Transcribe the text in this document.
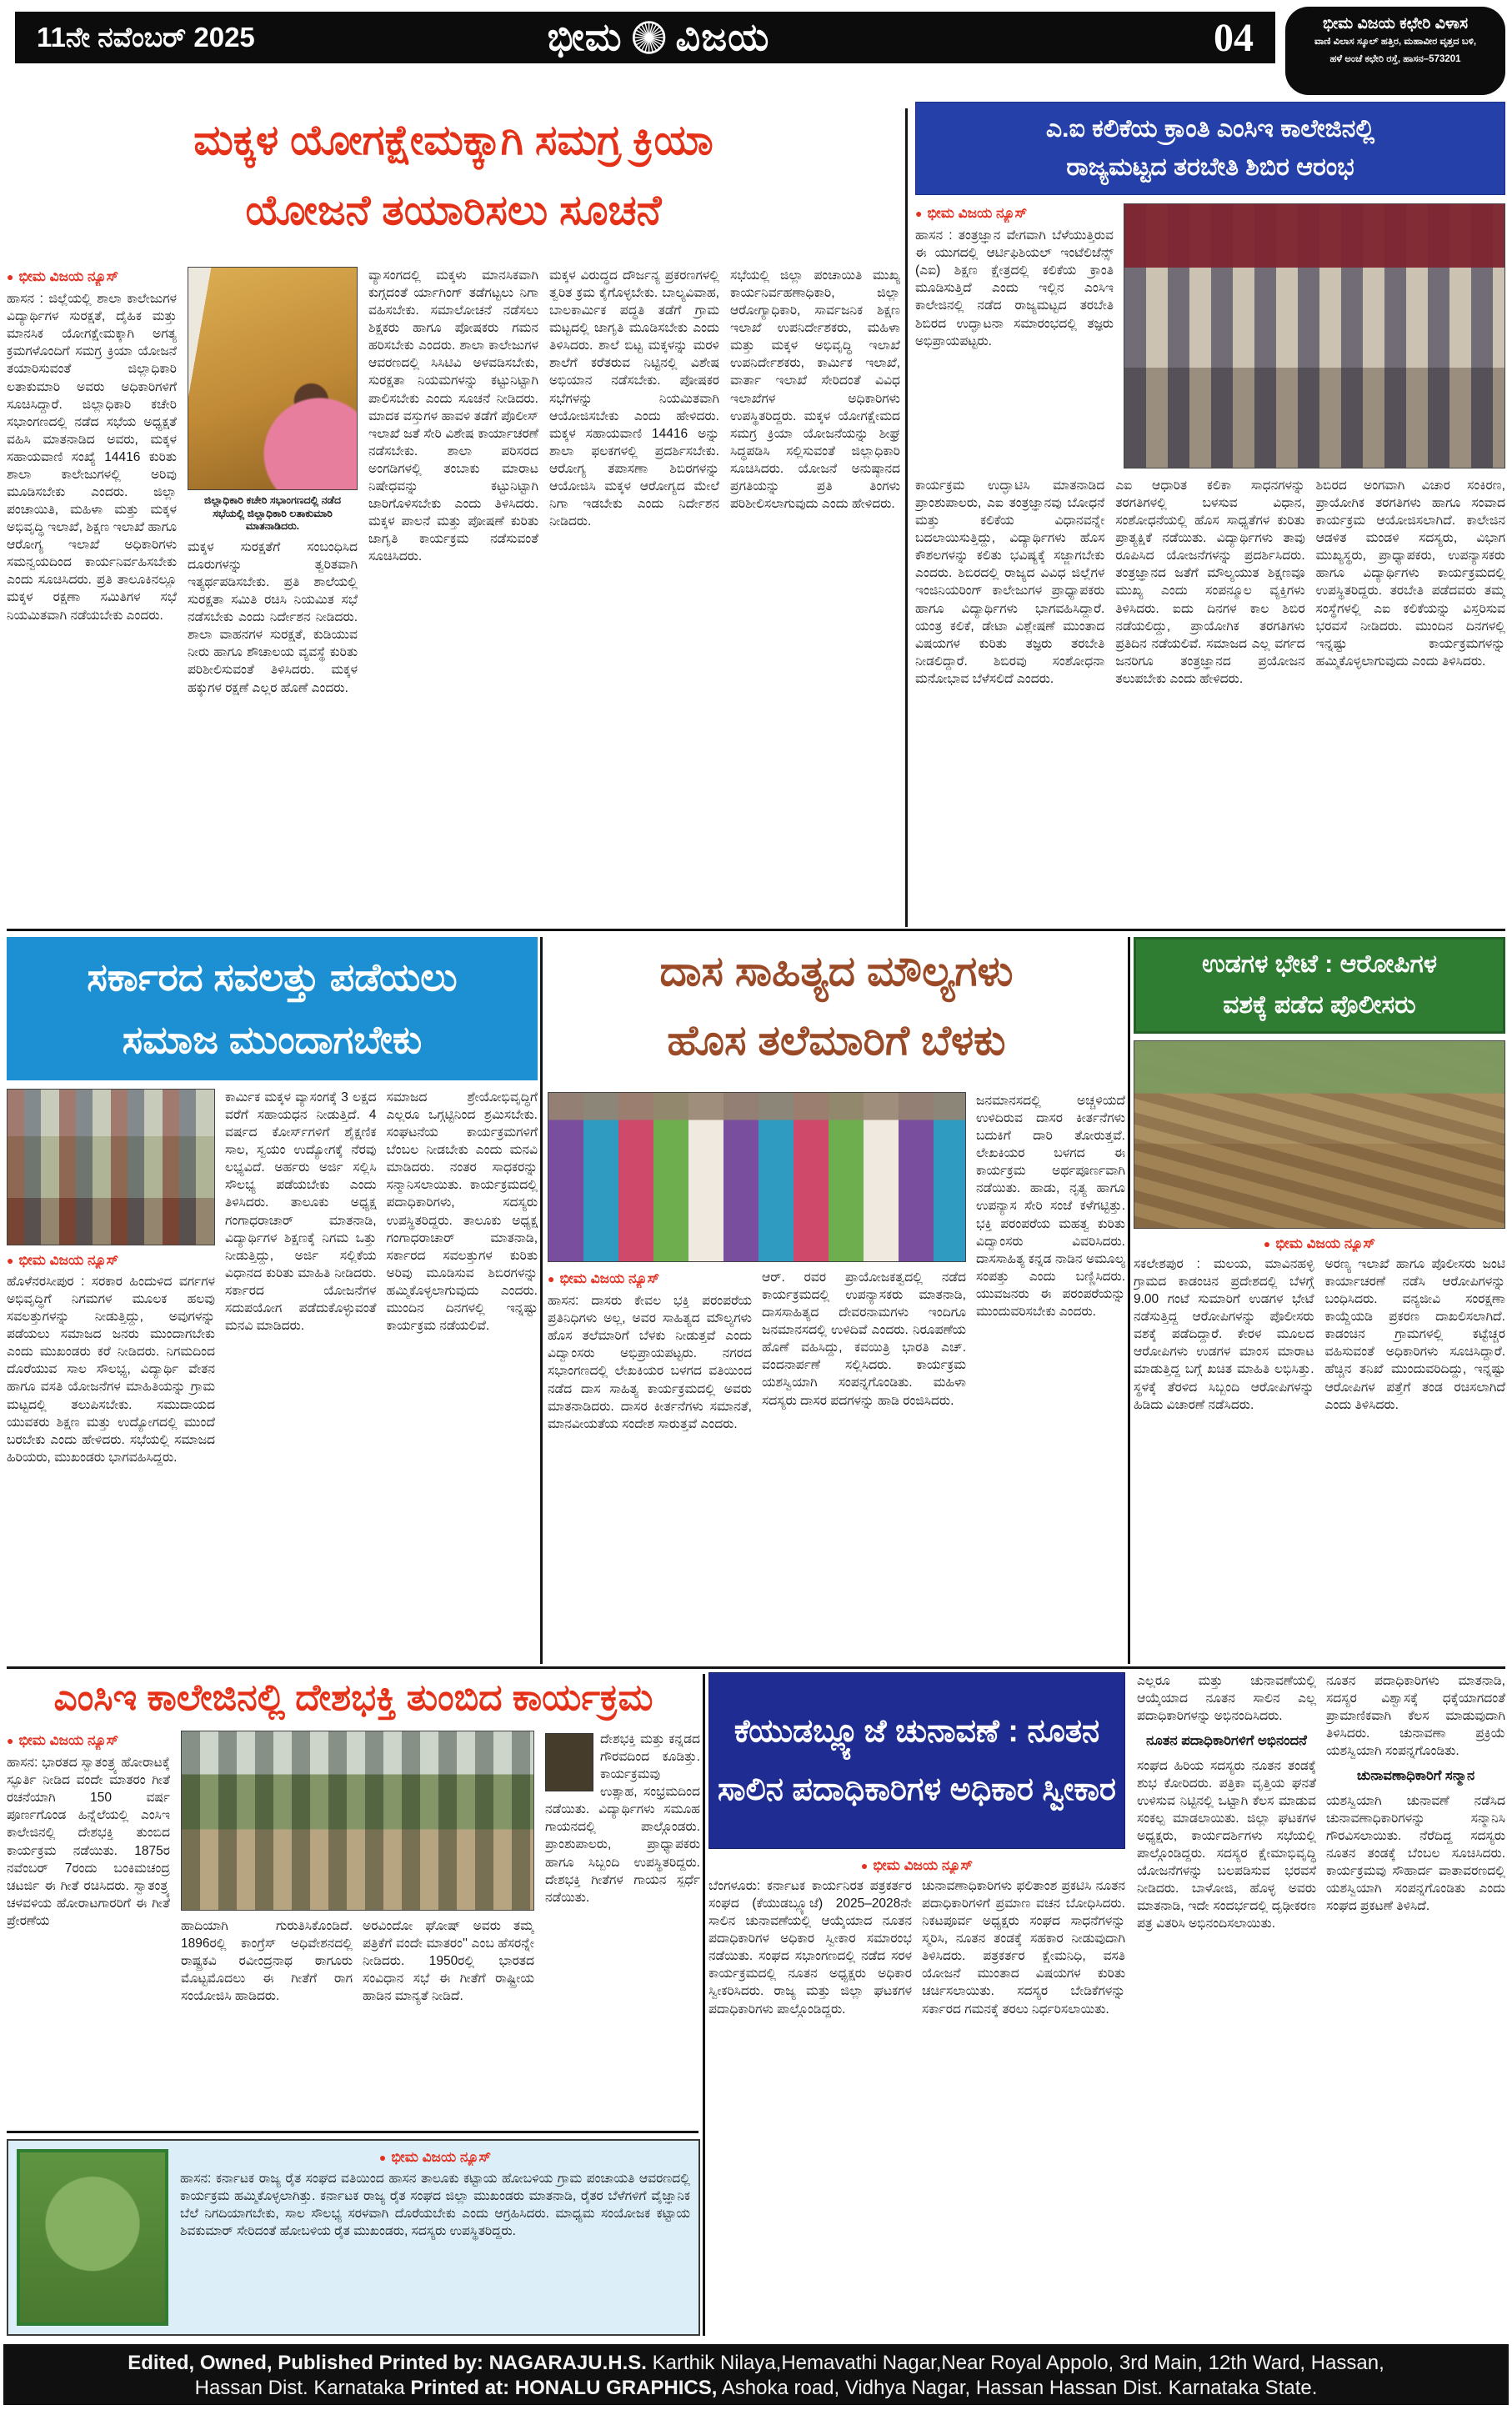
11ನೇ ನವೆಂಬರ್ 2025	ಭೀಮ ವಿಜಯ	04	ಭೀಮ ವಿಜಯ ಕಛೇರಿ ವಿಳಾಸ
ವಾಣಿ ವಿಲಾಸ ಸ್ಕೂಲ್ ಹತ್ತಿರ, ಮಹಾವೀರ ವೃತ್ತದ ಬಳಿ,
ಹಳೆ ಅಂಚೆ ಕಛೇರಿ ರಸ್ತೆ, ಹಾಸನ–573201
ಮಕ್ಕಳ ಯೋಗಕ್ಷೇಮಕ್ಕಾಗಿ ಸಮಗ್ರ ಕ್ರಿಯಾ
ಯೋಜನೆ ತಯಾರಿಸಲು ಸೂಚನೆ
● ಭೀಮ ವಿಜಯ ನ್ಯೂಸ್
ಹಾಸನ : ಜಿಲ್ಲೆಯಲ್ಲಿ ಶಾಲಾ ಕಾಲೇಜುಗಳ ವಿದ್ಯಾರ್ಥಿಗಳ ಸುರಕ್ಷತೆ, ದೈಹಿಕ ಮತ್ತು ಮಾನಸಿಕ ಯೋಗಕ್ಷೇಮಕ್ಕಾಗಿ ಅಗತ್ಯ ಕ್ರಮಗಳೊಂದಿಗೆ ಸಮಗ್ರ ಕ್ರಿಯಾ ಯೋಜನೆ ತಯಾರಿಸುವಂತೆ ಜಿಲ್ಲಾಧಿಕಾರಿ ಲತಾಕುಮಾರಿ ಅವರು ಅಧಿಕಾರಿಗಳಿಗೆ ಸೂಚಿಸಿದ್ದಾರೆ. ಜಿಲ್ಲಾಧಿಕಾರಿ ಕಚೇರಿ ಸಭಾಂಗಣದಲ್ಲಿ ನಡೆದ ಸಭೆಯ ಅಧ್ಯಕ್ಷತೆ ವಹಿಸಿ ಮಾತನಾಡಿದ ಅವರು, ಮಕ್ಕಳ ಸಹಾಯವಾಣಿ ಸಂಖ್ಯೆ 14416 ಕುರಿತು ಶಾಲಾ ಕಾಲೇಜುಗಳಲ್ಲಿ ಅರಿವು ಮೂಡಿಸಬೇಕು ಎಂದರು. ಜಿಲ್ಲಾ ಪಂಚಾಯಿತಿ, ಮಹಿಳಾ ಮತ್ತು ಮಕ್ಕಳ ಅಭಿವೃದ್ಧಿ ಇಲಾಖೆ, ಶಿಕ್ಷಣ ಇಲಾಖೆ ಹಾಗೂ ಆರೋಗ್ಯ ಇಲಾಖೆ ಅಧಿಕಾರಿಗಳು ಸಮನ್ವಯದಿಂದ ಕಾರ್ಯನಿರ್ವಹಿಸಬೇಕು ಎಂದು ಸೂಚಿಸಿದರು. ಪ್ರತಿ ತಾಲೂಕಿನಲ್ಲೂ ಮಕ್ಕಳ ರಕ್ಷಣಾ ಸಮಿತಿಗಳ ಸಭೆ ನಿಯಮಿತವಾಗಿ ನಡೆಯಬೇಕು ಎಂದರು.
ಜಿಲ್ಲಾಧಿಕಾರಿ ಕಚೇರಿ ಸಭಾಂಗಣದಲ್ಲಿ ನಡೆದ ಸಭೆಯಲ್ಲಿ ಜಿಲ್ಲಾಧಿಕಾರಿ ಲತಾಕುಮಾರಿ ಮಾತನಾಡಿದರು.
ಮಕ್ಕಳ ಸುರಕ್ಷತೆಗೆ ಸಂಬಂಧಿಸಿದ ದೂರುಗಳನ್ನು ತ್ವರಿತವಾಗಿ ಇತ್ಯರ್ಥಪಡಿಸಬೇಕು. ಪ್ರತಿ ಶಾಲೆಯಲ್ಲಿ ಸುರಕ್ಷತಾ ಸಮಿತಿ ರಚಿಸಿ ನಿಯಮಿತ ಸಭೆ ನಡೆಸಬೇಕು ಎಂದು ನಿರ್ದೇಶನ ನೀಡಿದರು. ಶಾಲಾ ವಾಹನಗಳ ಸುರಕ್ಷತೆ, ಕುಡಿಯುವ ನೀರು ಹಾಗೂ ಶೌಚಾಲಯ ವ್ಯವಸ್ಥೆ ಕುರಿತು ಪರಿಶೀಲಿಸುವಂತೆ ತಿಳಿಸಿದರು. ಮಕ್ಕಳ ಹಕ್ಕುಗಳ ರಕ್ಷಣೆ ಎಲ್ಲರ ಹೊಣೆ ಎಂದರು.
ವ್ಯಾಸಂಗದಲ್ಲಿ ಮಕ್ಕಳು ಮಾನಸಿಕವಾಗಿ ಕುಗ್ಗದಂತೆ ರ್ಯಾಗಿಂಗ್ ತಡೆಗಟ್ಟಲು ನಿಗಾ ವಹಿಸಬೇಕು. ಸಮಾಲೋಚನೆ ನಡೆಸಲು ಶಿಕ್ಷಕರು ಹಾಗೂ ಪೋಷಕರು ಗಮನ ಹರಿಸಬೇಕು ಎಂದರು. ಶಾಲಾ ಕಾಲೇಜುಗಳ ಆವರಣದಲ್ಲಿ ಸಿಸಿಟಿವಿ ಅಳವಡಿಸಬೇಕು, ಸುರಕ್ಷತಾ ನಿಯಮಗಳನ್ನು ಕಟ್ಟುನಿಟ್ಟಾಗಿ ಪಾಲಿಸಬೇಕು ಎಂದು ಸೂಚನೆ ನೀಡಿದರು. ಮಾದಕ ವಸ್ತುಗಳ ಹಾವಳಿ ತಡೆಗೆ ಪೊಲೀಸ್ ಇಲಾಖೆ ಜತೆ ಸೇರಿ ವಿಶೇಷ ಕಾರ್ಯಾಚರಣೆ ನಡೆಸಬೇಕು. ಶಾಲಾ ಪರಿಸರದ ಅಂಗಡಿಗಳಲ್ಲಿ ತಂಬಾಕು ಮಾರಾಟ ನಿಷೇಧವನ್ನು ಕಟ್ಟುನಿಟ್ಟಾಗಿ ಜಾರಿಗೊಳಿಸಬೇಕು ಎಂದು ತಿಳಿಸಿದರು. ಮಕ್ಕಳ ಪಾಲನೆ ಮತ್ತು ಪೋಷಣೆ ಕುರಿತು ಜಾಗೃತಿ ಕಾರ್ಯಕ್ರಮ ನಡೆಸುವಂತೆ ಸೂಚಿಸಿದರು.
ಮಕ್ಕಳ ವಿರುದ್ಧದ ದೌರ್ಜನ್ಯ ಪ್ರಕರಣಗಳಲ್ಲಿ ತ್ವರಿತ ಕ್ರಮ ಕೈಗೊಳ್ಳಬೇಕು. ಬಾಲ್ಯವಿವಾಹ, ಬಾಲಕಾರ್ಮಿಕ ಪದ್ಧತಿ ತಡೆಗೆ ಗ್ರಾಮ ಮಟ್ಟದಲ್ಲಿ ಜಾಗೃತಿ ಮೂಡಿಸಬೇಕು ಎಂದು ತಿಳಿಸಿದರು. ಶಾಲೆ ಬಿಟ್ಟ ಮಕ್ಕಳನ್ನು ಮರಳಿ ಶಾಲೆಗೆ ಕರೆತರುವ ನಿಟ್ಟಿನಲ್ಲಿ ವಿಶೇಷ ಅಭಿಯಾನ ನಡೆಸಬೇಕು. ಪೋಷಕರ ಸಭೆಗಳನ್ನು ನಿಯಮಿತವಾಗಿ ಆಯೋಜಿಸಬೇಕು ಎಂದು ಹೇಳಿದರು. ಮಕ್ಕಳ ಸಹಾಯವಾಣಿ 14416 ಅನ್ನು ಶಾಲಾ ಫಲಕಗಳಲ್ಲಿ ಪ್ರದರ್ಶಿಸಬೇಕು. ಆರೋಗ್ಯ ತಪಾಸಣಾ ಶಿಬಿರಗಳನ್ನು ಆಯೋಜಿಸಿ ಮಕ್ಕಳ ಆರೋಗ್ಯದ ಮೇಲೆ ನಿಗಾ ಇಡಬೇಕು ಎಂದು ನಿರ್ದೇಶನ ನೀಡಿದರು.
ಸಭೆಯಲ್ಲಿ ಜಿಲ್ಲಾ ಪಂಚಾಯಿತಿ ಮುಖ್ಯ ಕಾರ್ಯನಿರ್ವಹಣಾಧಿಕಾರಿ, ಜಿಲ್ಲಾ ಆರೋಗ್ಯಾಧಿಕಾರಿ, ಸಾರ್ವಜನಿಕ ಶಿಕ್ಷಣ ಇಲಾಖೆ ಉಪನಿರ್ದೇಶಕರು, ಮಹಿಳಾ ಮತ್ತು ಮಕ್ಕಳ ಅಭಿವೃದ್ಧಿ ಇಲಾಖೆ ಉಪನಿರ್ದೇಶಕರು, ಕಾರ್ಮಿಕ ಇಲಾಖೆ, ವಾರ್ತಾ ಇಲಾಖೆ ಸೇರಿದಂತೆ ವಿವಿಧ ಇಲಾಖೆಗಳ ಅಧಿಕಾರಿಗಳು ಉಪಸ್ಥಿತರಿದ್ದರು. ಮಕ್ಕಳ ಯೋಗಕ್ಷೇಮದ ಸಮಗ್ರ ಕ್ರಿಯಾ ಯೋಜನೆಯನ್ನು ಶೀಘ್ರ ಸಿದ್ಧಪಡಿಸಿ ಸಲ್ಲಿಸುವಂತೆ ಜಿಲ್ಲಾಧಿಕಾರಿ ಸೂಚಿಸಿದರು. ಯೋಜನೆ ಅನುಷ್ಠಾನದ ಪ್ರಗತಿಯನ್ನು ಪ್ರತಿ ತಿಂಗಳು ಪರಿಶೀಲಿಸಲಾಗುವುದು ಎಂದು ಹೇಳಿದರು.
ಎ.ಐ ಕಲಿಕೆಯ ಕ್ರಾಂತಿ ಎಂಸಿಇ ಕಾಲೇಜಿನಲ್ಲಿ
ರಾಜ್ಯಮಟ್ಟದ ತರಬೇತಿ ಶಿಬಿರ ಆರಂಭ
● ಭೀಮ ವಿಜಯ ನ್ಯೂಸ್
ಹಾಸನ : ತಂತ್ರಜ್ಞಾನ ವೇಗವಾಗಿ ಬೆಳೆಯುತ್ತಿರುವ ಈ ಯುಗದಲ್ಲಿ ಆರ್ಟಿಫಿಶಿಯಲ್ ಇಂಟೆಲಿಜೆನ್ಸ್ (ಎಐ) ಶಿಕ್ಷಣ ಕ್ಷೇತ್ರದಲ್ಲಿ ಕಲಿಕೆಯ ಕ್ರಾಂತಿ ಮೂಡಿಸುತ್ತಿದೆ ಎಂದು ಇಲ್ಲಿನ ಎಂಸಿಇ ಕಾಲೇಜಿನಲ್ಲಿ ನಡೆದ ರಾಜ್ಯಮಟ್ಟದ ತರಬೇತಿ ಶಿಬಿರದ ಉದ್ಘಾಟನಾ ಸಮಾರಂಭದಲ್ಲಿ ತಜ್ಞರು ಅಭಿಪ್ರಾಯಪಟ್ಟರು.
ಕಾರ್ಯಕ್ರಮ ಉದ್ಘಾಟಿಸಿ ಮಾತನಾಡಿದ ಪ್ರಾಂಶುಪಾಲರು, ಎಐ ತಂತ್ರಜ್ಞಾನವು ಬೋಧನೆ ಮತ್ತು ಕಲಿಕೆಯ ವಿಧಾನವನ್ನೇ ಬದಲಾಯಿಸುತ್ತಿದ್ದು, ವಿದ್ಯಾರ್ಥಿಗಳು ಹೊಸ ಕೌಶಲಗಳನ್ನು ಕಲಿತು ಭವಿಷ್ಯಕ್ಕೆ ಸಜ್ಜಾಗಬೇಕು ಎಂದರು. ಶಿಬಿರದಲ್ಲಿ ರಾಜ್ಯದ ವಿವಿಧ ಜಿಲ್ಲೆಗಳ ಇಂಜಿನಿಯರಿಂಗ್ ಕಾಲೇಜುಗಳ ಪ್ರಾಧ್ಯಾಪಕರು ಹಾಗೂ ವಿದ್ಯಾರ್ಥಿಗಳು ಭಾಗವಹಿಸಿದ್ದಾರೆ. ಯಂತ್ರ ಕಲಿಕೆ, ಡೇಟಾ ವಿಶ್ಲೇಷಣೆ ಮುಂತಾದ ವಿಷಯಗಳ ಕುರಿತು ತಜ್ಞರು ತರಬೇತಿ ನೀಡಲಿದ್ದಾರೆ. ಶಿಬಿರವು ಸಂಶೋಧನಾ ಮನೋಭಾವ ಬೆಳೆಸಲಿದೆ ಎಂದರು.
ಎಐ ಆಧಾರಿತ ಕಲಿಕಾ ಸಾಧನಗಳನ್ನು ತರಗತಿಗಳಲ್ಲಿ ಬಳಸುವ ವಿಧಾನ, ಸಂಶೋಧನೆಯಲ್ಲಿ ಹೊಸ ಸಾಧ್ಯತೆಗಳ ಕುರಿತು ಪ್ರಾತ್ಯಕ್ಷಿಕೆ ನಡೆಯಿತು. ವಿದ್ಯಾರ್ಥಿಗಳು ತಾವು ರೂಪಿಸಿದ ಯೋಜನೆಗಳನ್ನು ಪ್ರದರ್ಶಿಸಿದರು. ತಂತ್ರಜ್ಞಾನದ ಜತೆಗೆ ಮೌಲ್ಯಯುತ ಶಿಕ್ಷಣವೂ ಮುಖ್ಯ ಎಂದು ಸಂಪನ್ಮೂಲ ವ್ಯಕ್ತಿಗಳು ತಿಳಿಸಿದರು. ಐದು ದಿನಗಳ ಕಾಲ ಶಿಬಿರ ನಡೆಯಲಿದ್ದು, ಪ್ರಾಯೋಗಿಕ ತರಗತಿಗಳು ಪ್ರತಿದಿನ ನಡೆಯಲಿವೆ. ಸಮಾಜದ ಎಲ್ಲ ವರ್ಗದ ಜನರಿಗೂ ತಂತ್ರಜ್ಞಾನದ ಪ್ರಯೋಜನ ತಲುಪಬೇಕು ಎಂದು ಹೇಳಿದರು.
ಶಿಬಿರದ ಅಂಗವಾಗಿ ವಿಚಾರ ಸಂಕಿರಣ, ಪ್ರಾಯೋಗಿಕ ತರಗತಿಗಳು ಹಾಗೂ ಸಂವಾದ ಕಾರ್ಯಕ್ರಮ ಆಯೋಜಿಸಲಾಗಿದೆ. ಕಾಲೇಜಿನ ಆಡಳಿತ ಮಂಡಳಿ ಸದಸ್ಯರು, ವಿಭಾಗ ಮುಖ್ಯಸ್ಥರು, ಪ್ರಾಧ್ಯಾಪಕರು, ಉಪನ್ಯಾಸಕರು ಹಾಗೂ ವಿದ್ಯಾರ್ಥಿಗಳು ಕಾರ್ಯಕ್ರಮದಲ್ಲಿ ಉಪಸ್ಥಿತರಿದ್ದರು. ತರಬೇತಿ ಪಡೆದವರು ತಮ್ಮ ಸಂಸ್ಥೆಗಳಲ್ಲಿ ಎಐ ಕಲಿಕೆಯನ್ನು ವಿಸ್ತರಿಸುವ ಭರವಸೆ ನೀಡಿದರು. ಮುಂದಿನ ದಿನಗಳಲ್ಲಿ ಇನ್ನಷ್ಟು ಕಾರ್ಯಕ್ರಮಗಳನ್ನು ಹಮ್ಮಿಕೊಳ್ಳಲಾಗುವುದು ಎಂದು ತಿಳಿಸಿದರು.
ಸರ್ಕಾರದ ಸವಲತ್ತು ಪಡೆಯಲು
ಸಮಾಜ ಮುಂದಾಗಬೇಕು
● ಭೀಮ ವಿಜಯ ನ್ಯೂಸ್
ಹೊಳೆನರಸೀಪುರ : ಸರಕಾರ ಹಿಂದುಳಿದ ವರ್ಗಗಳ ಅಭಿವೃದ್ಧಿಗೆ ನಿಗಮಗಳ ಮೂಲಕ ಹಲವು ಸವಲತ್ತುಗಳನ್ನು ನೀಡುತ್ತಿದ್ದು, ಅವುಗಳನ್ನು ಪಡೆಯಲು ಸಮಾಜದ ಜನರು ಮುಂದಾಗಬೇಕು ಎಂದು ಮುಖಂಡರು ಕರೆ ನೀಡಿದರು. ನಿಗಮದಿಂದ ದೊರೆಯುವ ಸಾಲ ಸೌಲಭ್ಯ, ವಿದ್ಯಾರ್ಥಿ ವೇತನ ಹಾಗೂ ವಸತಿ ಯೋಜನೆಗಳ ಮಾಹಿತಿಯನ್ನು ಗ್ರಾಮ ಮಟ್ಟದಲ್ಲಿ ತಲುಪಿಸಬೇಕು. ಸಮುದಾಯದ ಯುವಕರು ಶಿಕ್ಷಣ ಮತ್ತು ಉದ್ಯೋಗದಲ್ಲಿ ಮುಂದೆ ಬರಬೇಕು ಎಂದು ಹೇಳಿದರು. ಸಭೆಯಲ್ಲಿ ಸಮಾಜದ ಹಿರಿಯರು, ಮುಖಂಡರು ಭಾಗವಹಿಸಿದ್ದರು.
ಕಾರ್ಮಿಕ ಮಕ್ಕಳ ವ್ಯಾಸಂಗಕ್ಕೆ 3 ಲಕ್ಷದ ವರೆಗೆ ಸಹಾಯಧನ ನೀಡುತ್ತಿದೆ. 4 ವರ್ಷದ ಕೋರ್ಸ್‌ಗಳಿಗೆ ಶೈಕ್ಷಣಿಕ ಸಾಲ, ಸ್ವಯಂ ಉದ್ಯೋಗಕ್ಕೆ ನೆರವು ಲಭ್ಯವಿದೆ. ಅರ್ಹರು ಅರ್ಜಿ ಸಲ್ಲಿಸಿ ಸೌಲಭ್ಯ ಪಡೆಯಬೇಕು ಎಂದು ತಿಳಿಸಿದರು. ತಾಲೂಕು ಅಧ್ಯಕ್ಷ ಗಂಗಾಧರಾಚಾರ್ ಮಾತನಾಡಿ, ವಿದ್ಯಾರ್ಥಿಗಳ ಶಿಕ್ಷಣಕ್ಕೆ ನಿಗಮ ಒತ್ತು ನೀಡುತ್ತಿದ್ದು, ಅರ್ಜಿ ಸಲ್ಲಿಕೆಯ ವಿಧಾನದ ಕುರಿತು ಮಾಹಿತಿ ನೀಡಿದರು. ಸರ್ಕಾರದ ಯೋಜನೆಗಳ ಸದುಪಯೋಗ ಪಡೆದುಕೊಳ್ಳುವಂತೆ ಮನವಿ ಮಾಡಿದರು.
ಸಮಾಜದ ಶ್ರೇಯೋಭಿವೃದ್ಧಿಗೆ ಎಲ್ಲರೂ ಒಗ್ಗಟ್ಟಿನಿಂದ ಶ್ರಮಿಸಬೇಕು. ಸಂಘಟನೆಯ ಕಾರ್ಯಕ್ರಮಗಳಿಗೆ ಬೆಂಬಲ ನೀಡಬೇಕು ಎಂದು ಮನವಿ ಮಾಡಿದರು. ನಂತರ ಸಾಧಕರನ್ನು ಸನ್ಮಾನಿಸಲಾಯಿತು. ಕಾರ್ಯಕ್ರಮದಲ್ಲಿ ಪದಾಧಿಕಾರಿಗಳು, ಸದಸ್ಯರು ಉಪಸ್ಥಿತರಿದ್ದರು. ತಾಲೂಕು ಅಧ್ಯಕ್ಷ ಗಂಗಾಧರಾಚಾರ್ ಮಾತನಾಡಿ, ಸರ್ಕಾರದ ಸವಲತ್ತುಗಳ ಕುರಿತು ಅರಿವು ಮೂಡಿಸುವ ಶಿಬಿರಗಳನ್ನು ಹಮ್ಮಿಕೊಳ್ಳಲಾಗುವುದು ಎಂದರು. ಮುಂದಿನ ದಿನಗಳಲ್ಲಿ ಇನ್ನಷ್ಟು ಕಾರ್ಯಕ್ರಮ ನಡೆಯಲಿವೆ.
ದಾಸ ಸಾಹಿತ್ಯದ ಮೌಲ್ಯಗಳು
ಹೊಸ ತಲೆಮಾರಿಗೆ ಬೆಳಕು
● ಭೀಮ ವಿಜಯ ನ್ಯೂಸ್
ಹಾಸನ: ದಾಸರು ಕೇವಲ ಭಕ್ತಿ ಪರಂಪರೆಯ ಪ್ರತಿನಿಧಿಗಳು ಅಲ್ಲ, ಅವರ ಸಾಹಿತ್ಯದ ಮೌಲ್ಯಗಳು ಹೊಸ ತಲೆಮಾರಿಗೆ ಬೆಳಕು ನೀಡುತ್ತವೆ ಎಂದು ವಿದ್ವಾಂಸರು ಅಭಿಪ್ರಾಯಪಟ್ಟರು. ನಗರದ ಸಭಾಂಗಣದಲ್ಲಿ ಲೇಖಕಿಯರ ಬಳಗದ ವತಿಯಿಂದ ನಡೆದ ದಾಸ ಸಾಹಿತ್ಯ ಕಾರ್ಯಕ್ರಮದಲ್ಲಿ ಅವರು ಮಾತನಾಡಿದರು. ದಾಸರ ಕೀರ್ತನೆಗಳು ಸಮಾನತೆ, ಮಾನವೀಯತೆಯ ಸಂದೇಶ ಸಾರುತ್ತವೆ ಎಂದರು.
ಆರ್. ರವರ ಪ್ರಾಯೋಜಕತ್ವದಲ್ಲಿ ನಡೆದ ಕಾರ್ಯಕ್ರಮದಲ್ಲಿ ಉಪನ್ಯಾಸಕರು ಮಾತನಾಡಿ, ದಾಸಸಾಹಿತ್ಯದ ದೇವರನಾಮಗಳು ಇಂದಿಗೂ ಜನಮಾನಸದಲ್ಲಿ ಉಳಿದಿವೆ ಎಂದರು. ನಿರೂಪಣೆಯ ಹೊಣೆ ವಹಿಸಿದ್ದು, ಕವಯಿತ್ರಿ ಭಾರತಿ ಎಚ್. ವಂದನಾರ್ಪಣೆ ಸಲ್ಲಿಸಿದರು. ಕಾರ್ಯಕ್ರಮ ಯಶಸ್ವಿಯಾಗಿ ಸಂಪನ್ನಗೊಂಡಿತು. ಮಹಿಳಾ ಸದಸ್ಯರು ದಾಸರ ಪದಗಳನ್ನು ಹಾಡಿ ರಂಜಿಸಿದರು.
ಜನಮಾನಸದಲ್ಲಿ ಅಚ್ಚಳಿಯದೆ ಉಳಿದಿರುವ ದಾಸರ ಕೀರ್ತನೆಗಳು ಬದುಕಿಗೆ ದಾರಿ ತೋರುತ್ತವೆ. ಲೇಖಕಿಯರ ಬಳಗದ ಈ ಕಾರ್ಯಕ್ರಮ ಅರ್ಥಪೂರ್ಣವಾಗಿ ನಡೆಯಿತು. ಹಾಡು, ನೃತ್ಯ ಹಾಗೂ ಉಪನ್ಯಾಸ ಸೇರಿ ಸಂಜೆ ಕಳೆಗಟ್ಟಿತ್ತು. ಭಕ್ತಿ ಪರಂಪರೆಯ ಮಹತ್ವ ಕುರಿತು ವಿದ್ವಾಂಸರು ವಿವರಿಸಿದರು. ದಾಸಸಾಹಿತ್ಯ ಕನ್ನಡ ನಾಡಿನ ಅಮೂಲ್ಯ ಸಂಪತ್ತು ಎಂದು ಬಣ್ಣಿಸಿದರು. ಯುವಜನರು ಈ ಪರಂಪರೆಯನ್ನು ಮುಂದುವರಿಸಬೇಕು ಎಂದರು.
ಉಡಗಳ ಭೇಟೆ : ಆರೋಪಿಗಳ
ವಶಕ್ಕೆ ಪಡೆದ ಪೊಲೀಸರು
● ಭೀಮ ವಿಜಯ ನ್ಯೂಸ್
ಸಕಲೇಶಪುರ : ಮಲಯ, ಮಾವಿನಹಳ್ಳಿ ಗ್ರಾಮದ ಕಾಡಂಚಿನ ಪ್ರದೇಶದಲ್ಲಿ ಬೆಳಗ್ಗೆ 9.00 ಗಂಟೆ ಸುಮಾರಿಗೆ ಉಡಗಳ ಭೇಟೆ ನಡೆಸುತ್ತಿದ್ದ ಆರೋಪಿಗಳನ್ನು ಪೊಲೀಸರು ವಶಕ್ಕೆ ಪಡೆದಿದ್ದಾರೆ. ಕೇರಳ ಮೂಲದ ಆರೋಪಿಗಳು ಉಡಗಳ ಮಾಂಸ ಮಾರಾಟ ಮಾಡುತ್ತಿದ್ದ ಬಗ್ಗೆ ಖಚಿತ ಮಾಹಿತಿ ಲಭಿಸಿತ್ತು. ಸ್ಥಳಕ್ಕೆ ತೆರಳಿದ ಸಿಬ್ಬಂದಿ ಆರೋಪಿಗಳನ್ನು ಹಿಡಿದು ವಿಚಾರಣೆ ನಡೆಸಿದರು.
ಅರಣ್ಯ ಇಲಾಖೆ ಹಾಗೂ ಪೊಲೀಸರು ಜಂಟಿ ಕಾರ್ಯಾಚರಣೆ ನಡೆಸಿ ಆರೋಪಿಗಳನ್ನು ಬಂಧಿಸಿದರು. ವನ್ಯಜೀವಿ ಸಂರಕ್ಷಣಾ ಕಾಯ್ದೆಯಡಿ ಪ್ರಕರಣ ದಾಖಲಿಸಲಾಗಿದೆ. ಕಾಡಂಚಿನ ಗ್ರಾಮಗಳಲ್ಲಿ ಕಟ್ಟೆಚ್ಚರ ವಹಿಸುವಂತೆ ಅಧಿಕಾರಿಗಳು ಸೂಚಿಸಿದ್ದಾರೆ. ಹೆಚ್ಚಿನ ತನಿಖೆ ಮುಂದುವರಿದಿದ್ದು, ಇನ್ನಷ್ಟು ಆರೋಪಿಗಳ ಪತ್ತೆಗೆ ತಂಡ ರಚಿಸಲಾಗಿದೆ ಎಂದು ತಿಳಿಸಿದರು.
ಎಂಸಿಇ ಕಾಲೇಜಿನಲ್ಲಿ ದೇಶಭಕ್ತಿ ತುಂಬಿದ ಕಾರ್ಯಕ್ರಮ
● ಭೀಮ ವಿಜಯ ನ್ಯೂಸ್
ಹಾಸನ: ಭಾರತದ ಸ್ವಾತಂತ್ರ್ಯ ಹೋರಾಟಕ್ಕೆ ಸ್ಫೂರ್ತಿ ನೀಡಿದ ವಂದೇ ಮಾತರಂ ಗೀತೆ ರಚನೆಯಾಗಿ 150 ವರ್ಷ ಪೂರ್ಣಗೊಂಡ ಹಿನ್ನೆಲೆಯಲ್ಲಿ ಎಂಸಿಇ ಕಾಲೇಜಿನಲ್ಲಿ ದೇಶಭಕ್ತಿ ತುಂಬಿದ ಕಾರ್ಯಕ್ರಮ ನಡೆಯಿತು. 1875ರ ನವೆಂಬರ್ 7ರಂದು ಬಂಕಿಮಚಂದ್ರ ಚಟರ್ಜಿ ಈ ಗೀತೆ ರಚಿಸಿದರು. ಸ್ವಾತಂತ್ರ್ಯ ಚಳವಳಿಯ ಹೋರಾಟಗಾರರಿಗೆ ಈ ಗೀತೆ ಪ್ರೇರಣೆಯ	ಹಾದಿಯಾಗಿ ಗುರುತಿಸಿಕೊಂಡಿದೆ. 1896ರಲ್ಲಿ ಕಾಂಗ್ರೆಸ್ ಅಧಿವೇಶನದಲ್ಲಿ ರಾಷ್ಟ್ರಕವಿ ರವೀಂದ್ರನಾಥ ಠಾಗೂರು ಮೊಟ್ಟಮೊದಲು ಈ ಗೀತೆಗೆ ರಾಗ ಸಂಯೋಜಿಸಿ ಹಾಡಿದರು.
ಅರವಿಂದೋ ಘೋಷ್ ಅವರು ತಮ್ಮ ಪತ್ರಿಕೆಗೆ ವಂದೇ ಮಾತರಂ'' ಎಂಬ ಹೆಸರನ್ನೇ ನೀಡಿದರು. 1950ರಲ್ಲಿ ಭಾರತದ ಸಂವಿಧಾನ ಸಭೆ ಈ ಗೀತೆಗೆ ರಾಷ್ಟ್ರೀಯ ಹಾಡಿನ ಮಾನ್ಯತೆ ನೀಡಿದೆ.
ದೇಶಭಕ್ತಿ ಮತ್ತು ಕನ್ನಡದ ಗೌರವದಿಂದ ಕೂಡಿತ್ತು. ಕಾರ್ಯಕ್ರಮವು ಉತ್ಸಾಹ, ಸಂಭ್ರಮದಿಂದ ನಡೆಯಿತು. ವಿದ್ಯಾರ್ಥಿಗಳು ಸಮೂಹ ಗಾಯನದಲ್ಲಿ ಪಾಲ್ಗೊಂಡರು. ಪ್ರಾಂಶುಪಾಲರು, ಪ್ರಾಧ್ಯಾಪಕರು ಹಾಗೂ ಸಿಬ್ಬಂದಿ ಉಪಸ್ಥಿತರಿದ್ದರು. ದೇಶಭಕ್ತಿ ಗೀತೆಗಳ ಗಾಯನ ಸ್ಪರ್ಧೆ ನಡೆಯಿತು.
● ಭೀಮ ವಿಜಯ ನ್ಯೂಸ್
ಹಾಸನ: ಕರ್ನಾಟಕ ರಾಜ್ಯ ರೈತ ಸಂಘದ ವತಿಯಿಂದ ಹಾಸನ ತಾಲೂಕು ಕಟ್ಟಾಯ ಹೋಬಳಿಯ ಗ್ರಾಮ ಪಂಚಾಯತಿ ಆವರಣದಲ್ಲಿ ಕಾರ್ಯಕ್ರಮ ಹಮ್ಮಿಕೊಳ್ಳಲಾಗಿತ್ತು. ಕರ್ನಾಟಕ ರಾಜ್ಯ ರೈತ ಸಂಘದ ಜಿಲ್ಲಾ ಮುಖಂಡರು ಮಾತನಾಡಿ, ರೈತರ ಬೆಳೆಗಳಿಗೆ ವೈಜ್ಞಾನಿಕ ಬೆಲೆ ನಿಗದಿಯಾಗಬೇಕು, ಸಾಲ ಸೌಲಭ್ಯ ಸರಳವಾಗಿ ದೊರೆಯಬೇಕು ಎಂದು ಆಗ್ರಹಿಸಿದರು. ಮಾಧ್ಯಮ ಸಂಯೋಜಕ ಕಟ್ಟಾಯ ಶಿವಕುಮಾರ್ ಸೇರಿದಂತೆ ಹೋಬಳಿಯ ರೈತ ಮುಖಂಡರು, ಸದಸ್ಯರು ಉಪಸ್ಥಿತರಿದ್ದರು.
ಕೆಯುಡಬ್ಲ್ಯೂಜೆ ಚುನಾವಣೆ : ನೂತನ
ಸಾಲಿನ ಪದಾಧಿಕಾರಿಗಳ ಅಧಿಕಾರ ಸ್ವೀಕಾರ
● ಭೀಮ ವಿಜಯ ನ್ಯೂಸ್
ಬೆಂಗಳೂರು: ಕರ್ನಾಟಕ ಕಾರ್ಯನಿರತ ಪತ್ರಕರ್ತರ ಸಂಘದ (ಕೆಯುಡಬ್ಲ್ಯೂಜೆ) 2025–2028ನೇ ಸಾಲಿನ ಚುನಾವಣೆಯಲ್ಲಿ ಆಯ್ಕೆಯಾದ ನೂತನ ಪದಾಧಿಕಾರಿಗಳ ಅಧಿಕಾರ ಸ್ವೀಕಾರ ಸಮಾರಂಭ ನಡೆಯಿತು. ಸಂಘದ ಸಭಾಂಗಣದಲ್ಲಿ ನಡೆದ ಸರಳ ಕಾರ್ಯಕ್ರಮದಲ್ಲಿ ನೂತನ ಅಧ್ಯಕ್ಷರು ಅಧಿಕಾರ ಸ್ವೀಕರಿಸಿದರು. ರಾಜ್ಯ ಮತ್ತು ಜಿಲ್ಲಾ ಘಟಕಗಳ ಪದಾಧಿಕಾರಿಗಳು ಪಾಲ್ಗೊಂಡಿದ್ದರು.
ಚುನಾವಣಾಧಿಕಾರಿಗಳು ಫಲಿತಾಂಶ ಪ್ರಕಟಿಸಿ ನೂತನ ಪದಾಧಿಕಾರಿಗಳಿಗೆ ಪ್ರಮಾಣ ವಚನ ಬೋಧಿಸಿದರು. ನಿಕಟಪೂರ್ವ ಅಧ್ಯಕ್ಷರು ಸಂಘದ ಸಾಧನೆಗಳನ್ನು ಸ್ಮರಿಸಿ, ನೂತನ ತಂಡಕ್ಕೆ ಸಹಕಾರ ನೀಡುವುದಾಗಿ ತಿಳಿಸಿದರು. ಪತ್ರಕರ್ತರ ಕ್ಷೇಮನಿಧಿ, ವಸತಿ ಯೋಜನೆ ಮುಂತಾದ ವಿಷಯಗಳ ಕುರಿತು ಚರ್ಚಿಸಲಾಯಿತು. ಸದಸ್ಯರ ಬೇಡಿಕೆಗಳನ್ನು ಸರ್ಕಾರದ ಗಮನಕ್ಕೆ ತರಲು ನಿರ್ಧರಿಸಲಾಯಿತು.
ಎಲ್ಲರೂ ಮತ್ತು ಚುನಾವಣೆಯಲ್ಲಿ ಆಯ್ಕೆಯಾದ ನೂತನ ಸಾಲಿನ ಎಲ್ಲ ಪದಾಧಿಕಾರಿಗಳನ್ನು ಅಭಿನಂದಿಸಿದರು.
ನೂತನ ಪದಾಧಿಕಾರಿಗಳಿಗೆ ಅಭಿನಂದನೆ
ಸಂಘದ ಹಿರಿಯ ಸದಸ್ಯರು ನೂತನ ತಂಡಕ್ಕೆ ಶುಭ ಕೋರಿದರು. ಪತ್ರಿಕಾ ವೃತ್ತಿಯ ಘನತೆ ಉಳಿಸುವ ನಿಟ್ಟಿನಲ್ಲಿ ಒಟ್ಟಾಗಿ ಕೆಲಸ ಮಾಡುವ ಸಂಕಲ್ಪ ಮಾಡಲಾಯಿತು. ಜಿಲ್ಲಾ ಘಟಕಗಳ ಅಧ್ಯಕ್ಷರು, ಕಾರ್ಯದರ್ಶಿಗಳು ಸಭೆಯಲ್ಲಿ ಪಾಲ್ಗೊಂಡಿದ್ದರು. ಸದಸ್ಯರ ಕ್ಷೇಮಾಭಿವೃದ್ಧಿ ಯೋಜನೆಗಳನ್ನು ಬಲಪಡಿಸುವ ಭರವಸೆ ನೀಡಿದರು. ಬಾಳೋಜಿ, ಹೊಳ್ಳ ಅವರು ಮಾತನಾಡಿ, ಇದೇ ಸಂದರ್ಭದಲ್ಲಿ ದೃಢೀಕರಣ ಪತ್ರ ವಿತರಿಸಿ ಅಭಿನಂದಿಸಲಾಯಿತು.
ನೂತನ ಪದಾಧಿಕಾರಿಗಳು ಮಾತನಾಡಿ, ಸದಸ್ಯರ ವಿಶ್ವಾಸಕ್ಕೆ ಧಕ್ಕೆಯಾಗದಂತೆ ಪ್ರಾಮಾಣಿಕವಾಗಿ ಕೆಲಸ ಮಾಡುವುದಾಗಿ ತಿಳಿಸಿದರು. ಚುನಾವಣಾ ಪ್ರಕ್ರಿಯೆ ಯಶಸ್ವಿಯಾಗಿ ಸಂಪನ್ನಗೊಂಡಿತು.
ಚುನಾವಣಾಧಿಕಾರಿಗೆ ಸನ್ಮಾನ
ಯಶಸ್ವಿಯಾಗಿ ಚುನಾವಣೆ ನಡೆಸಿದ ಚುನಾವಣಾಧಿಕಾರಿಗಳನ್ನು ಸನ್ಮಾನಿಸಿ ಗೌರವಿಸಲಾಯಿತು. ನೆರೆದಿದ್ದ ಸದಸ್ಯರು ನೂತನ ತಂಡಕ್ಕೆ ಬೆಂಬಲ ಸೂಚಿಸಿದರು. ಕಾರ್ಯಕ್ರಮವು ಸೌಹಾರ್ದ ವಾತಾವರಣದಲ್ಲಿ ಯಶಸ್ವಿಯಾಗಿ ಸಂಪನ್ನಗೊಂಡಿತು ಎಂದು ಸಂಘದ ಪ್ರಕಟಣೆ ತಿಳಿಸಿದೆ.
Edited, Owned, Published Printed by: NAGARAJU.H.S. Karthik Nilaya,Hemavathi Nagar,Near Royal Appolo, 3rd Main, 12th Ward, Hassan,
Hassan Dist. Karnataka Printed at: HONALU GRAPHICS, Ashoka road, Vidhya Nagar, Hassan Hassan Dist. Karnataka State.
